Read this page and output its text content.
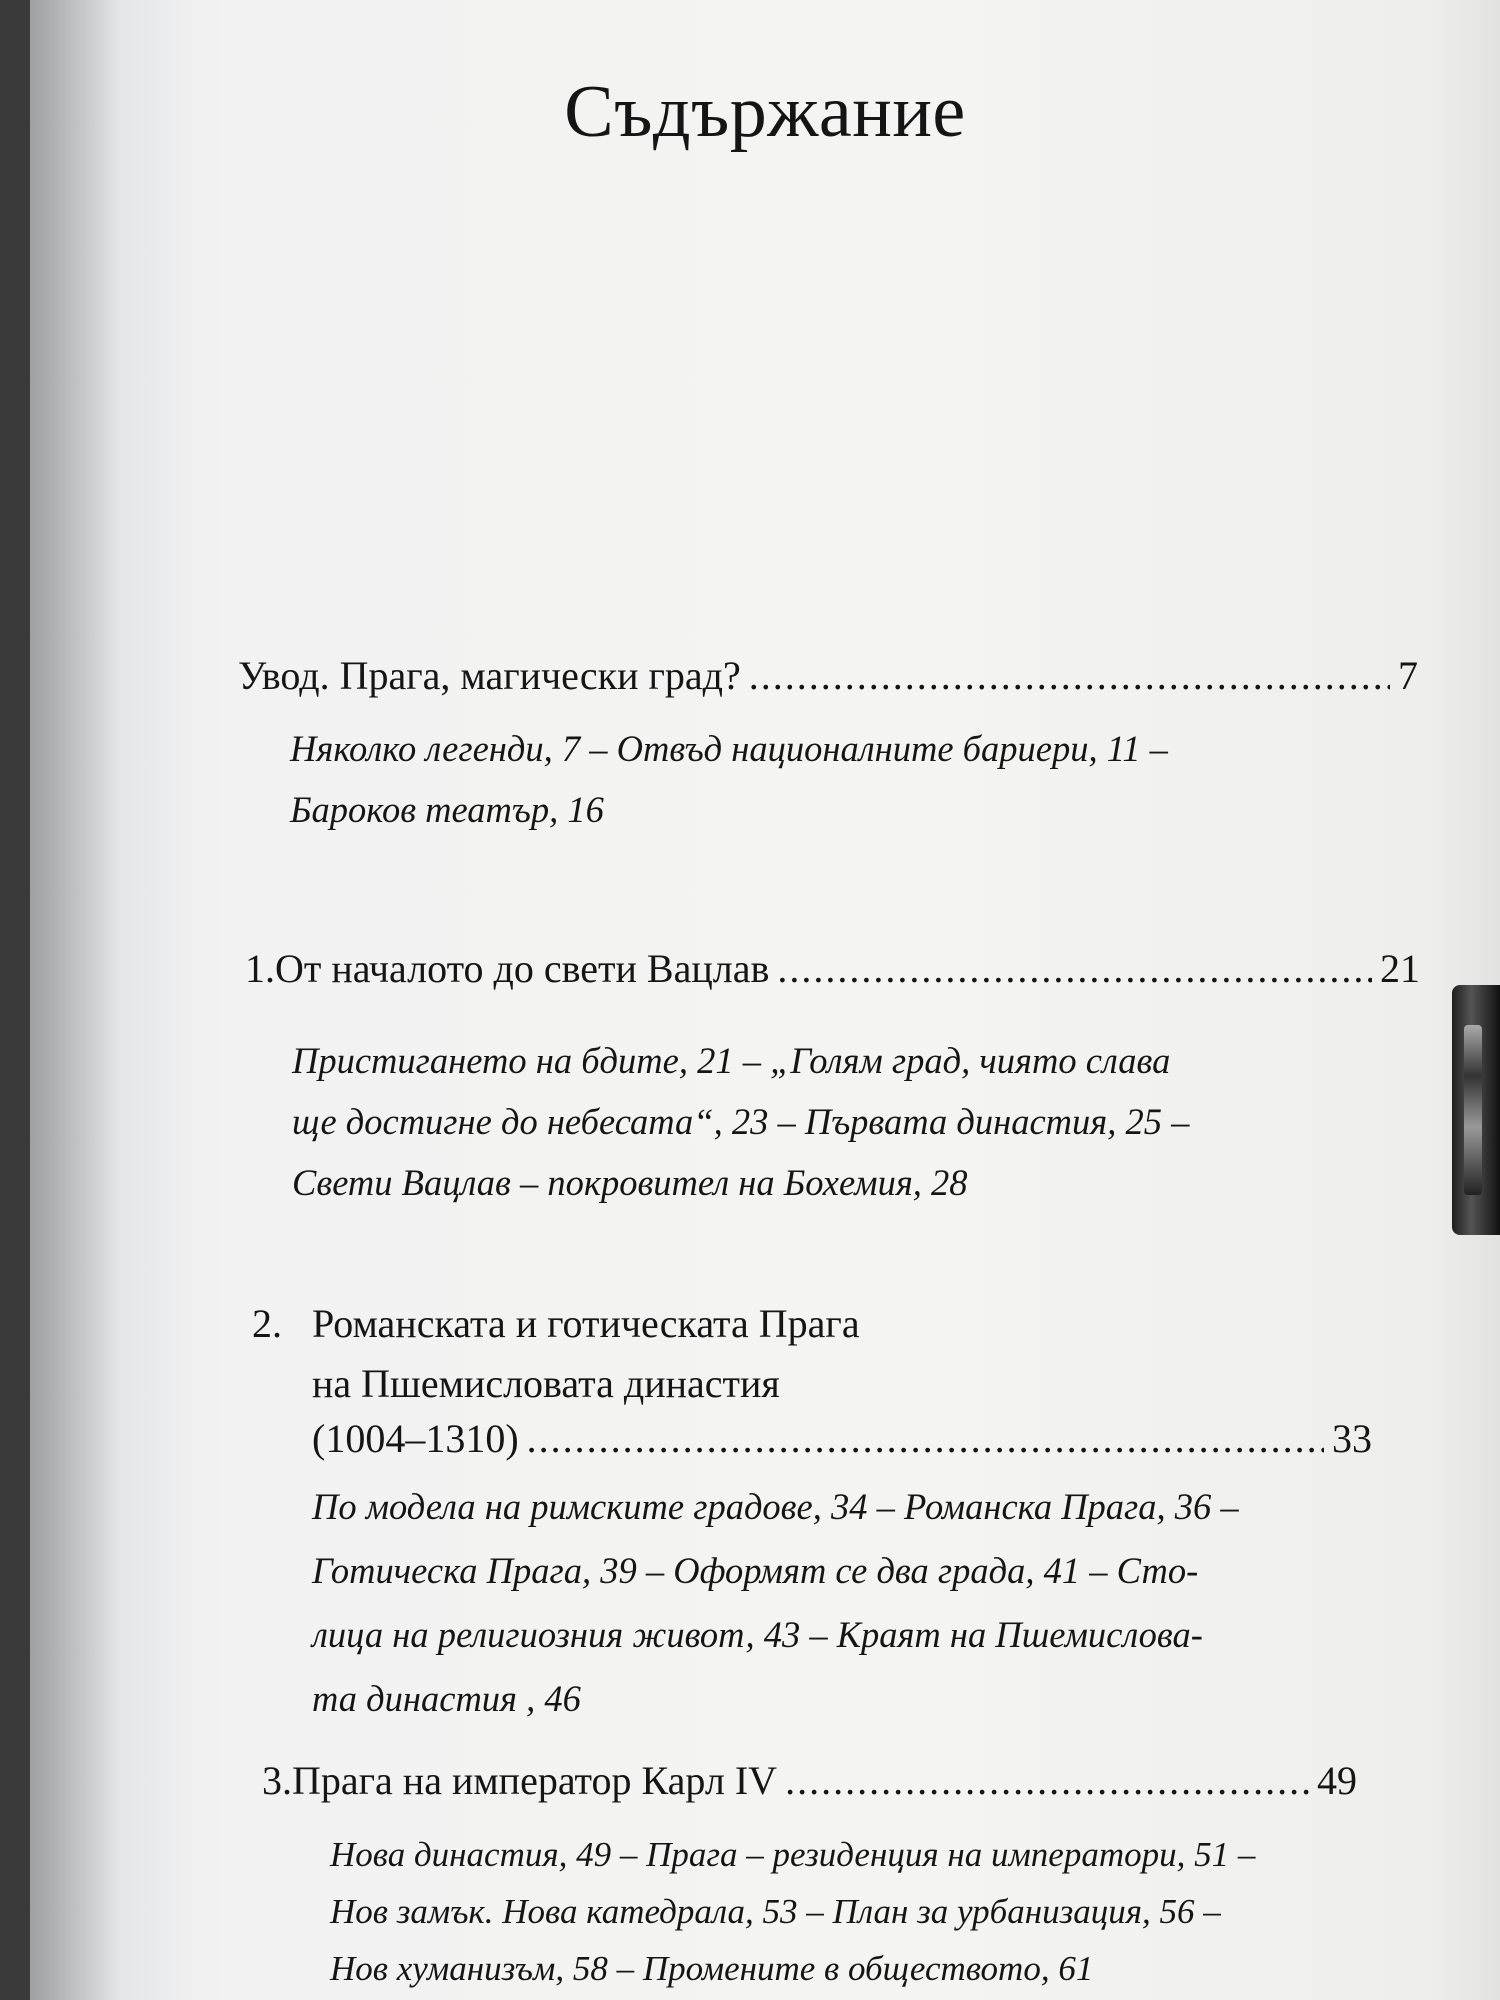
Съдържание
Увод. Прага, магически град? .....	7
Няколко легенди, 7 – Отвъд националните бариери, 11 –
Бароков театър, 16
1. От началото до свети Вацлав .....	21
Пристигането на бдите, 21 – „Голям град, чиято слава
ще достигне до небесата“, 23 – Първата династия, 25 –
Свети Вацлав – покровител на Бохемия, 28
2. Романската и готическата Прага
на Пшемисловата династия
(1004–1310) .....	33
По модела на римските градове, 34 – Романска Прага, 36 –
Готическа Прага, 39 – Оформят се два града, 41 – Сто-
лица на религиозния живот, 43 – Краят на Пшемислова-
та династия , 46
3. Прага на император Карл IV .....	49
Нова династия, 49 – Прага – резиденция на императори, 51 –
Нов замък. Нова катедрала, 53 – План за урбанизация, 56 –
Нов хуманизъм, 58 – Промените в обществото, 61
